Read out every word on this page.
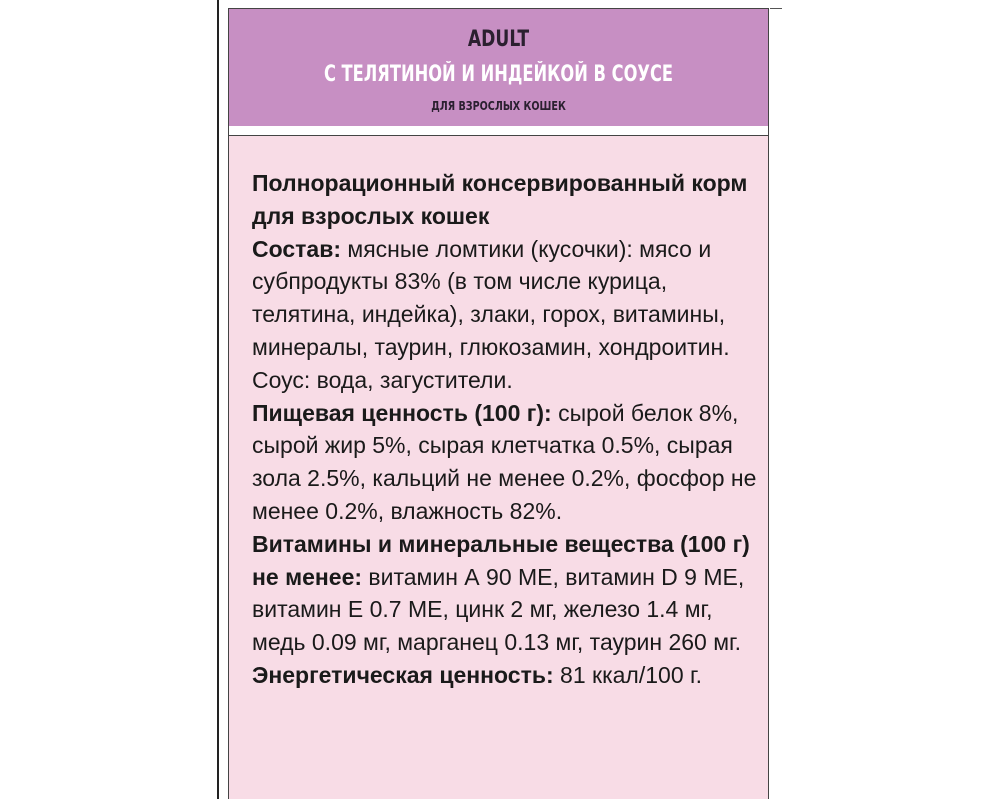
ADULT
С ТЕЛЯТИНОЙ И ИНДЕЙКОЙ В СОУСЕ
ДЛЯ ВЗРОСЛЫХ КОШЕК

Полнорационный консервированный корм для взрослых кошек

Состав: мясные ломтики (кусочки): мясо и субпродукты 83% (в том числе курица, телятина, индейка), злаки, горох, витамины, минералы, таурин, глюкозамин, хондроитин. Соус: вода, загустители.

Пищевая ценность (100 г): сырой белок 8%, сырой жир 5%, сырая клетчатка 0.5%, сырая зола 2.5%, кальций не менее 0.2%, фосфор не менее 0.2%, влажность 82%.

Витамины и минеральные вещества (100 г) не менее: витамин А 90 МЕ, витамин D 9 МЕ, витамин Е 0.7 МЕ, цинк 2 мг, железо 1.4 мг, медь 0.09 мг, марганец 0.13 мг, таурин 260 мг.

Энергетическая ценность: 81 ккал/100 г.
